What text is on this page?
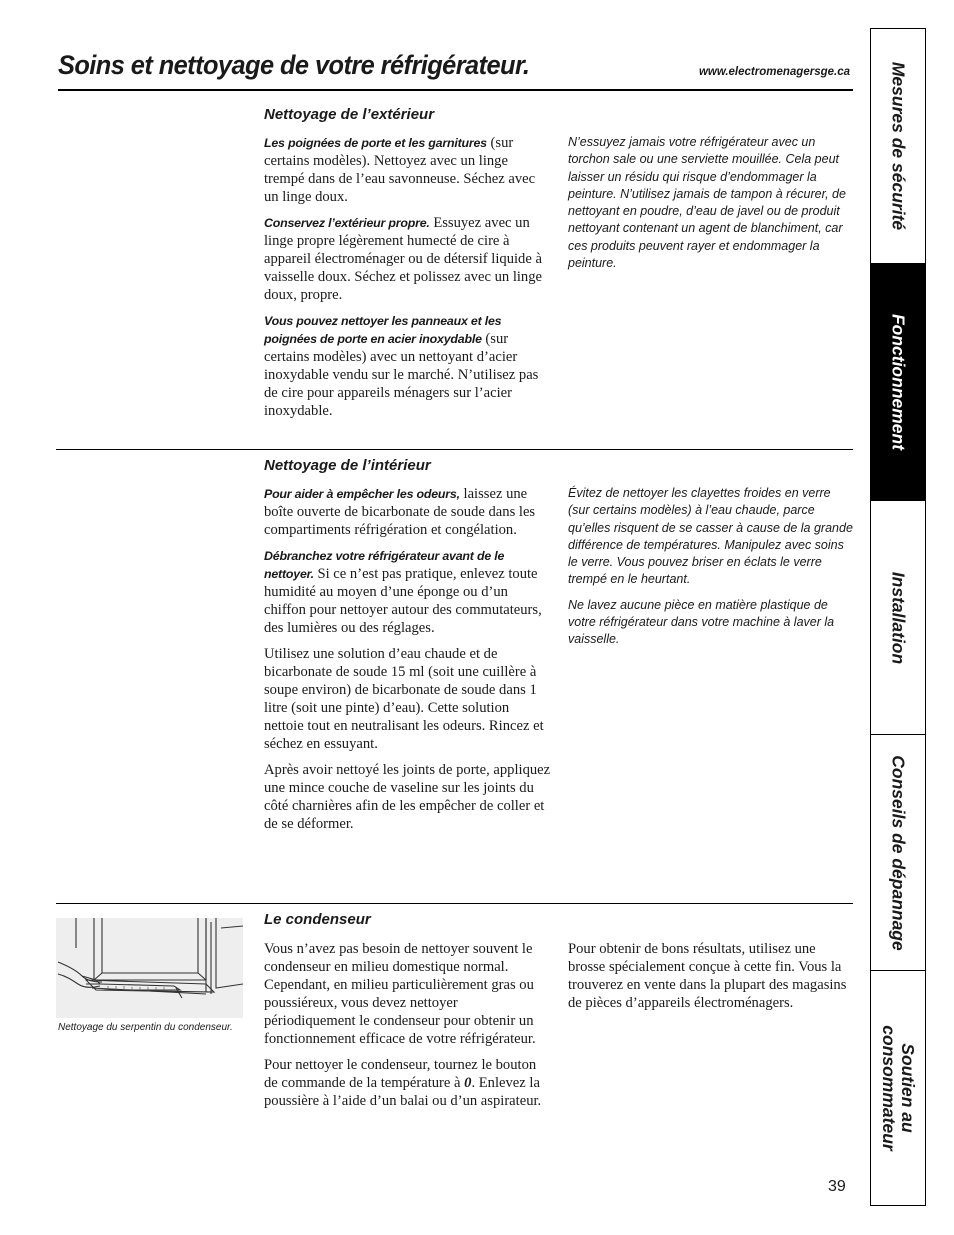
Soins et nettoyage de votre réfrigérateur.	www.electromenagersge.ca
Nettoyage de l’extérieur

Les poignées de porte et les garnitures (sur certains modèles). Nettoyez avec un linge trempé dans de l’eau savonneuse. Séchez avec un linge doux.

Conservez l’extérieur propre. Essuyez avec un linge propre légèrement humecté de cire à appareil électroménager ou de détersif liquide à vaisselle doux. Séchez et polissez avec un linge doux, propre.

Vous pouvez nettoyer les panneaux et les poignées de porte en acier inoxydable (sur certains modèles) avec un nettoyant d’acier inoxydable vendu sur le marché. N’utilisez pas de cire pour appareils ménagers sur l’acier inoxydable.

N’essuyez jamais votre réfrigérateur avec un torchon sale ou une serviette mouillée. Cela peut laisser un résidu qui risque d’endommager la peinture. N’utilisez jamais de tampon à récurer, de nettoyant en poudre, d’eau de javel ou de produit nettoyant contenant un agent de blanchiment, car ces produits peuvent rayer et endommager la peinture.

Nettoyage de l’intérieur

Pour aider à empêcher les odeurs, laissez une boîte ouverte de bicarbonate de soude dans les compartiments réfrigération et congélation.

Débranchez votre réfrigérateur avant de le nettoyer. Si ce n’est pas pratique, enlevez toute humidité au moyen d’une éponge ou d’un chiffon pour nettoyer autour des commutateurs, des lumières ou des réglages.

Utilisez une solution d’eau chaude et de bicarbonate de soude 15 ml (soit une cuillère à soupe environ) de bicarbonate de soude dans 1 litre (soit une pinte) d’eau). Cette solution nettoie tout en neutralisant les odeurs. Rincez et séchez en essuyant.

Après avoir nettoyé les joints de porte, appliquez une mince couche de vaseline sur les joints du côté charnières afin de les empêcher de coller et de se déformer.

Évitez de nettoyer les clayettes froides en verre (sur certains modèles) à l’eau chaude, parce qu’elles risquent de se casser à cause de la grande différence de températures. Manipulez avec soins le verre. Vous pouvez briser en éclats le verre trempé en le heurtant.

Ne lavez aucune pièce en matière plastique de votre réfrigérateur dans votre machine à laver la vaisselle.

Nettoyage du serpentin du condenseur.
Le condenseur

Vous n’avez pas besoin de nettoyer souvent le condenseur en milieu domestique normal. Cependant, en milieu particulièrement gras ou poussiéreux, vous devez nettoyer périodiquement le condenseur pour obtenir un fonctionnement efficace de votre réfrigérateur.

Pour nettoyer le condenseur, tournez le bouton de commande de la température à 0. Enlevez la poussière à l’aide d’un balai ou d’un aspirateur.

Pour obtenir de bons résultats, utilisez une brosse spécialement conçue à cette fin. Vous la trouverez en vente dans la plupart des magasins de pièces d’appareils électroménagers.

39
Mesures de sécurité
Fonctionnement
Installation
Conseils de dépannage
Soutien au consommateur
